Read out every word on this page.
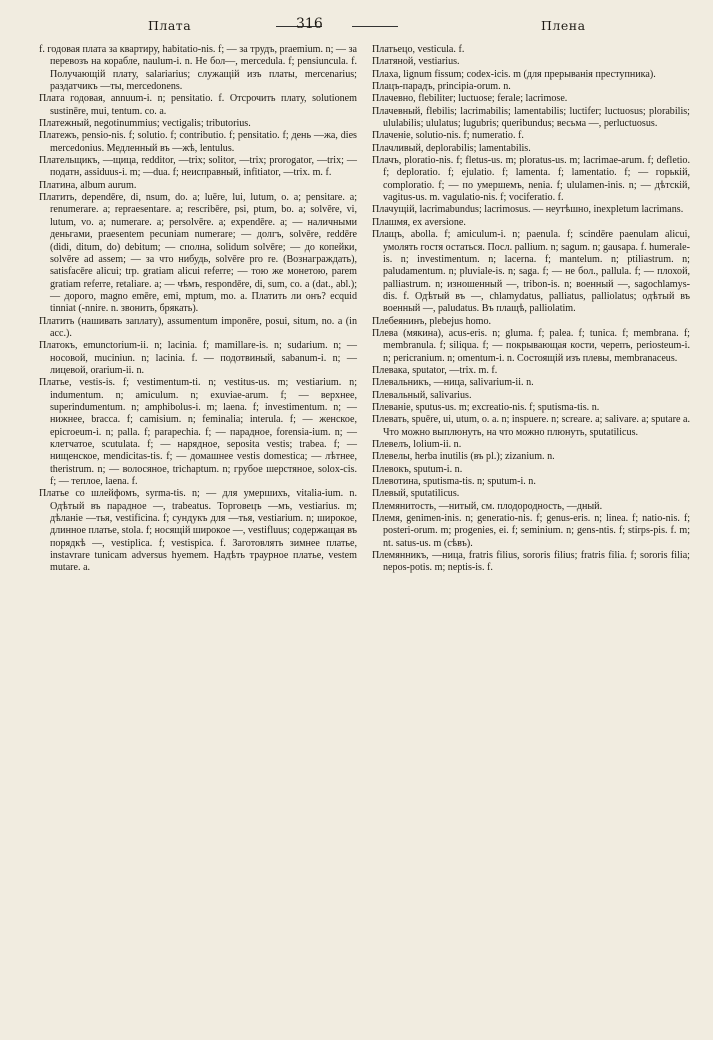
Плата	316	Плена

f. годовая плата за квартиру, habitatio-nis. f; — за трудъ, praemium. n; — за перевозъ на корабле, naulum-i. n. Не бол—, mercedula. f; pensiuncula. f. Получающій плату, salariarius; служащій изъ платы, mercenarius; раздатчикъ —ты, mercedonens.

Плата годовая, annuum-i. n; pensitatio. f. Отсрочить плату, solutionem sustinēre, mui, tentum. co. a.

Платежный, negotinummius; vectigalis; tributorius.

Платежъ, pensio-nis. f; solutio. f; contributio. f; pensitatio. f; день —жа, dies mercedonius. Медленный въ —жѣ, lentulus.

Плательщикъ, —щица, redditor, —trix; solitor, —trix; prorogator, —trix; — податн, assiduus-i. m; —dua. f; неисправный, infitiator, —trix. m. f.

Платина, album aurum.

Платить, dependēre, di, nsum, do. a; luēre, lui, lutum, o. a; pensitare. a; renumerare. a; repraesentare. a; rescribēre, psi, ptum, bo. a; solvēre, vi, lutum, vo. a; numerare. a; persolvēre. a; expendēre. a; — наличными деньгами, praesentem pecuniam numerare; — долгъ, solvēre, reddēre (didi, ditum, do) debitum; — сполна, solidum solvēre; — до копейки, solvēre ad assem; — за что нибудь, solvēre pro re. (Вознаграждать), satisfacēre alicui; trp. gratiam alicui referre; — тою же монетою, parem gratiam referre, retaliare. a; — чѣмъ, respondēre, di, sum, co. a (dat., abl.); — дорого, magno emēre, emi, mptum, mo. a. Платить ли онъ? ecquid tinniat (-nnire. n. звонить, брякать).

Платить (нашивать заплату), assumentum imponēre, posui, situm, no. a (in acc.).

Платокъ, emunctorium-ii. n; lacinia. f; mamillare-is. n; sudarium. n; — носовой, muciniun. n; lacinia. f. — подотвиный, sabanum-i. n; — лицевой, orarium-ii. n.

Платье, vestis-is. f; vestimentum-ti. n; vestitus-us. m; vestiarium. n; indumentum. n; amiculum. n; exuviae-arum. f; — верхнее, superindumentum. n; amphibolus-i. m; laena. f; investimentum. n; — нижнее, bracca. f; camisium. n; feminalia; interula. f; — женское, epicroeum-i. n; palla. f; parapechia. f; — парадное, forensia-ium. n; — клетчатое, scutulata. f; — нарядное, seposita vestis; trabea. f; — нищенское, mendicitas-tis. f; — домашнее vestis domestica; — лѣтнее, theristrum. n; — волосяное, trichaptum. n; грубое шерстяное, solox-cis. f; — теплое, laena. f.

Платье со шлейфомъ, syrma-tis. n; — для умершихъ, vitalia-ium. n. Одѣтый въ парадное —, trabeatus. Торговецъ —мъ, vestiarius. m; дѣланіе —тья, vestificina. f; сундукъ для —тья, vestiarium. n; широкое, длинное платье, stola. f; носящій широкое —, vestifluus; содержащая въ порядкѣ —, vestiplica. f; vestispica. f. Заготовлять зимнее платье, instavrare tunicam adversus hyemem. Надѣть траурное платье, vestem mutare. a.

Платьецо, vesticula. f.

Платяной, vestiarius.

Плаха, lignum fissum; codex-icis. m (для прерыванія преступника).

Плацъ-парадъ, principia-orum. n.

Плачевно, flebiliter; luctuose; ferale; lacrimose.

Плачевный, flebilis; lacrimabilis; lamentabilis; luctifer; luctuosus; plorabilis; ululabilis; ululatus; lugubris; queribundus; весьма —, perluctuosus.

Плаченіе, solutio-nis. f; numeratio. f.

Плачливый, deplorabilis; lamentabilis.

Плачъ, ploratio-nis. f; fletus-us. m; ploratus-us. m; lacrimae-arum. f; defletio. f; deploratio. f; ejulatio. f; lamenta. f; lamentatio. f; — горькій, comploratio. f; — по умершемъ, nenia. f; ululamen-inis. n; — дѣтскій, vagitus-us. m. vagulatio-nis. f; vociferatio. f.

Плачущій, lacrimabundus; lacrimosus. — неутѣшно, inexpletum lacrimans.

Плашмя, ex aversione.

Плащъ, abolla. f; amiculum-i. n; paenula. f; scindēre paenulam alicui, умолять гостя остаться. Посл. pallium. n; sagum. n; gausapa. f. humerale-is. n; investimentum. n; lacerna. f; mantelum. n; ptiliastrum. n; paludamentum. n; pluviale-is. n; saga. f; — не бол., pallula. f; — плохой, palliastrum. n; изношенный —, tribon-is. n; военный —, sagochlamys-dis. f. Одѣтый въ —, chlamydatus, palliatus, palliolatus; одѣтый въ военный —, paludatus. Въ плащѣ, palliolatim.

Плебеянинъ, plebejus homo.

Плева (мякина), acus-eris. n; gluma. f; palea. f; tunica. f; membrana. f; membranula. f; siliqua. f; — покрывающая кости, черепъ, periosteum-i. n; pericranium. n; omentum-i. n. Состоящій изъ плевы, membranaceus.

Плевака, sputator, —trix. m. f.

Плевальникъ, —ница, salivarium-ii. n.

Плевальный, salivarius.

Плеваніе, sputus-us. m; excreatio-nis. f; sputisma-tis. n.

Плевать, spuēre, ui, utum, o. a. n; inspuere. n; screare. a; salivare. a; sputare a. Что можно выплюнуть, на что можно плюнуть, sputatilicus.

Плевелъ, lolium-ii. n.

Плевелы, herba inutilis (въ pl.); zizanium. n.

Плевокъ, sputum-i. n.

Плевотина, sputisma-tis. n; sputum-i. n.

Плевый, sputatilicus.

Племянитость, —нитый, см. плодородность, —дный.

Племя, genimen-inis. n; generatio-nis. f; genus-eris. n; linea. f; natio-nis. f; posteri-orum. m; progenies, ei. f; seminium. n; gens-ntis. f; stirps-pis. f. m; nt. satus-us. m (сѣвъ).

Племянникъ, —ница, fratris filius, sororis filius; fratris filia. f; sororis filia; nepos-potis. m; neptis-is. f.
